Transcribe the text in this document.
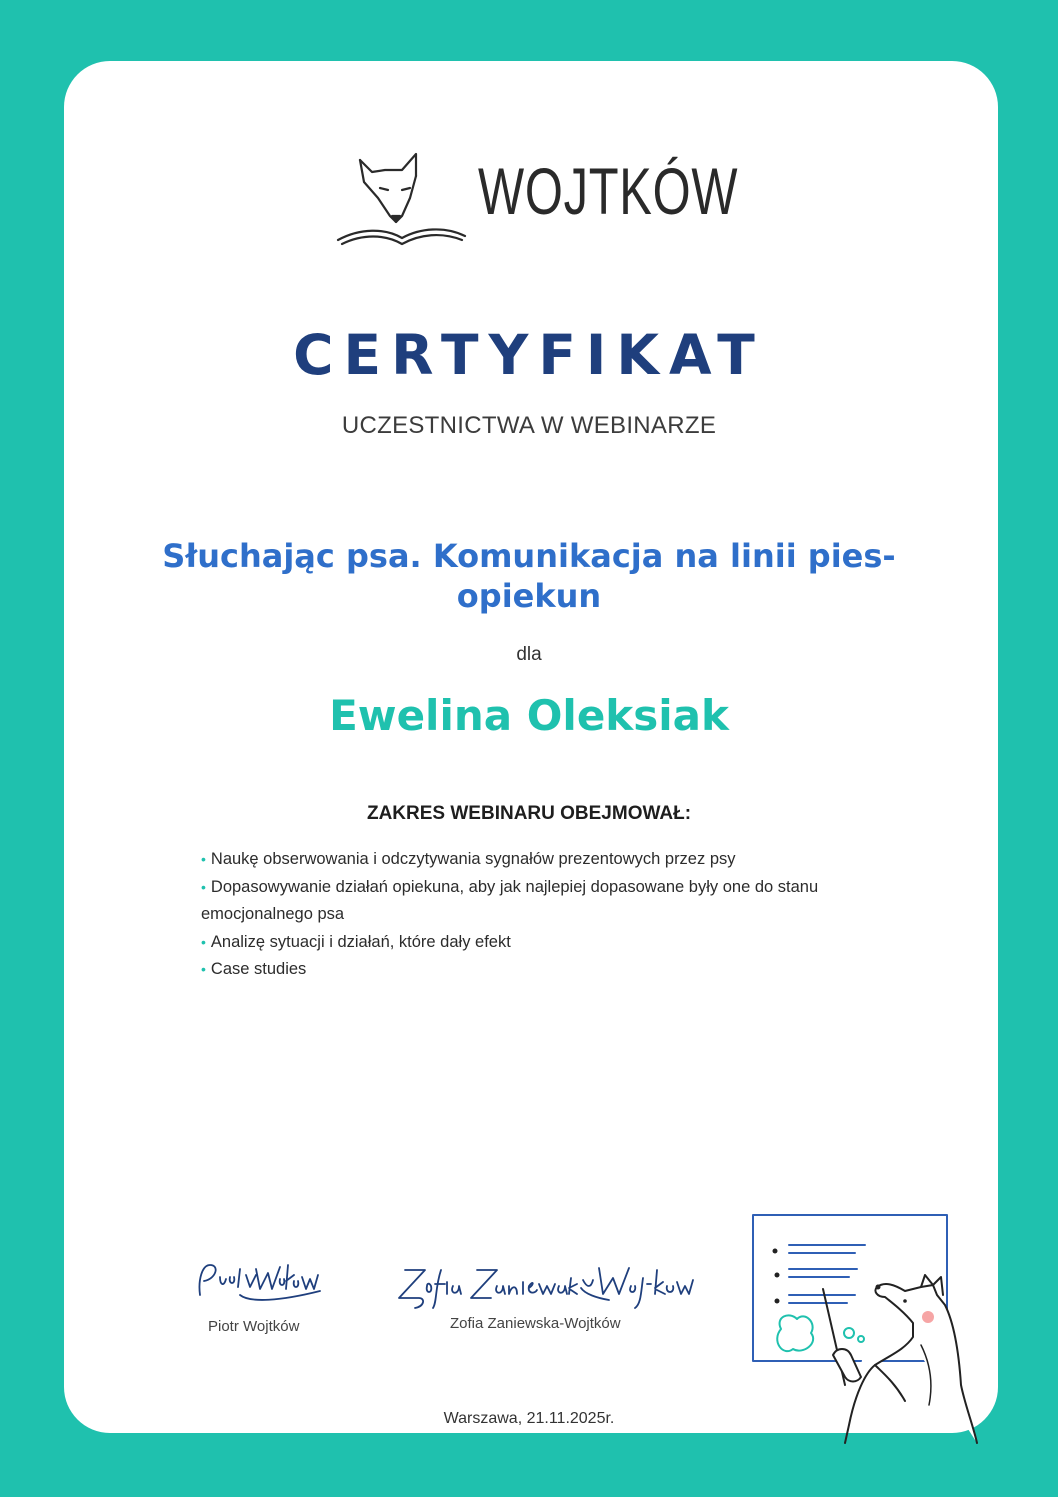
WOJTKÓW
CERTYFIKAT
UCZESTNICTWA W WEBINARZE
Słuchając psa. Komunikacja na linii pies-opiekun
dla
Ewelina Oleksiak
ZAKRES WEBINARU OBEJMOWAŁ:
• Naukę obserwowania i odczytywania sygnałów prezentowych przez psy
• Dopasowywanie działań opiekuna, aby jak najlepiej dopasowane były one do stanu emocjonalnego psa
• Analizę sytuacji i działań, które dały efekt
• Case studies
Piotr Wojtków	Zofia Zaniewska-Wojtków
Warszawa, 21.11.2025r.
